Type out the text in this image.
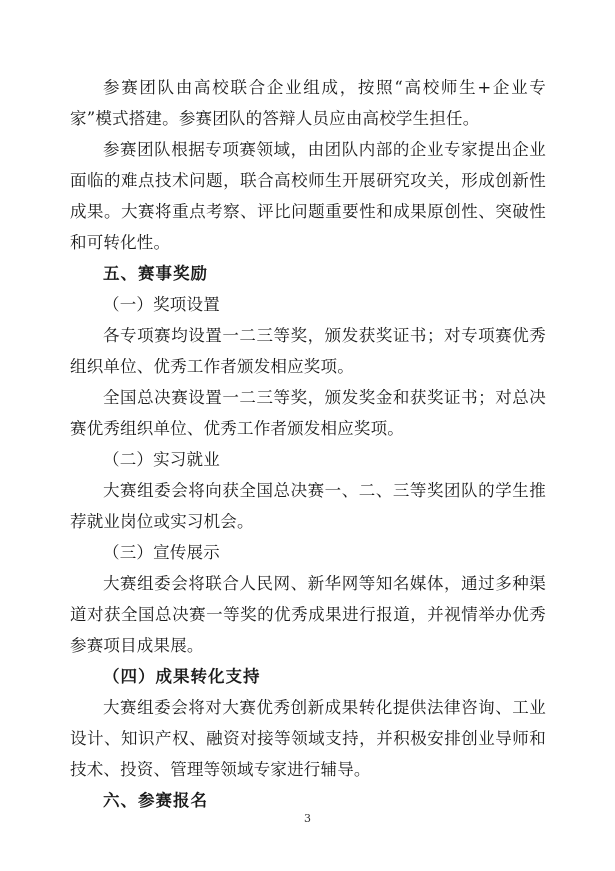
参赛团队由高校联合企业组成，按照“高校师生+企业专家”模式搭建。参赛团队的答辩人员应由高校学生担任。

参赛团队根据专项赛领域，由团队内部的企业专家提出企业面临的难点技术问题，联合高校师生开展研究攻关，形成创新性成果。大赛将重点考察、评比问题重要性和成果原创性、突破性和可转化性。

五、赛事奖励

（一）奖项设置

各专项赛均设置一二三等奖，颁发获奖证书；对专项赛优秀组织单位、优秀工作者颁发相应奖项。

全国总决赛设置一二三等奖，颁发奖金和获奖证书；对总决赛优秀组织单位、优秀工作者颁发相应奖项。

（二）实习就业

大赛组委会将向获全国总决赛一、二、三等奖团队的学生推荐就业岗位或实习机会。

（三）宣传展示

大赛组委会将联合人民网、新华网等知名媒体，通过多种渠道对获全国总决赛一等奖的优秀成果进行报道，并视情举办优秀参赛项目成果展。

（四）成果转化支持

大赛组委会将对大赛优秀创新成果转化提供法律咨询、工业设计、知识产权、融资对接等领域支持，并积极安排创业导师和技术、投资、管理等领域专家进行辅导。

六、参赛报名

3
